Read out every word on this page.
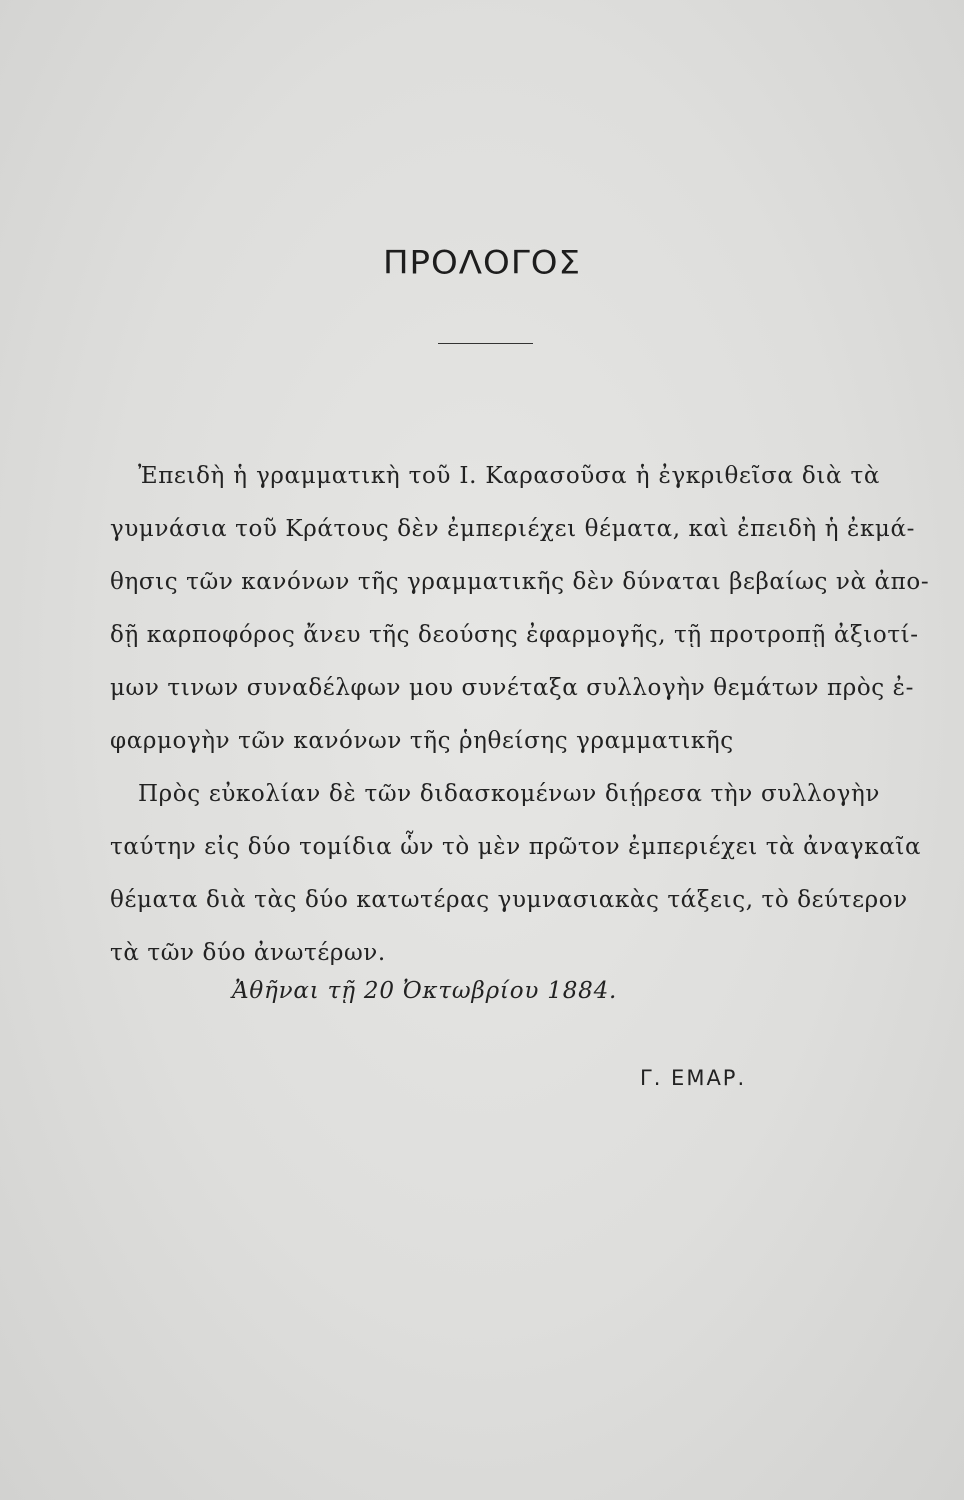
ΠΡΟΛΟΓΟΣ
Ἐπειδὴ ἡ γραμματικὴ τοῦ Ι. Καρασοῦσα ἡ ἐγκριθεῖσα διὰ τὰ
γυμνάσια τοῦ Κράτους δὲν ἐμπεριέχει θέματα, καὶ ἐπειδὴ ἡ ἐκμά-
θησις τῶν κανόνων τῆς γραμματικῆς δὲν δύναται βεβαίως νὰ ἀπο-
δῇ καρποφόρος ἄνευ τῆς δεούσης ἐφαρμογῆς, τῇ προτροπῇ ἀξιοτί-
μων τινων συναδέλφων μου συνέταξα συλλογὴν θεμάτων πρὸς ἐ-
φαρμογὴν τῶν κανόνων τῆς ῥηθείσης γραμματικῆς
Πρὸς εὐκολίαν δὲ τῶν διδασκομένων διῄρεσα τὴν συλλογὴν
ταύτην εἰς δύο τομίδια ὧν τὸ μὲν πρῶτον ἐμπεριέχει τὰ ἀναγκαῖα
θέματα διὰ τὰς δύο κατωτέρας γυμνασιακὰς τάξεις, τὸ δεύτερον
τὰ τῶν δύο ἀνωτέρων.
Ἀθῆναι τῇ 20 Ὀκτωβρίου 1884.
Γ. ΕΜΑΡ.
